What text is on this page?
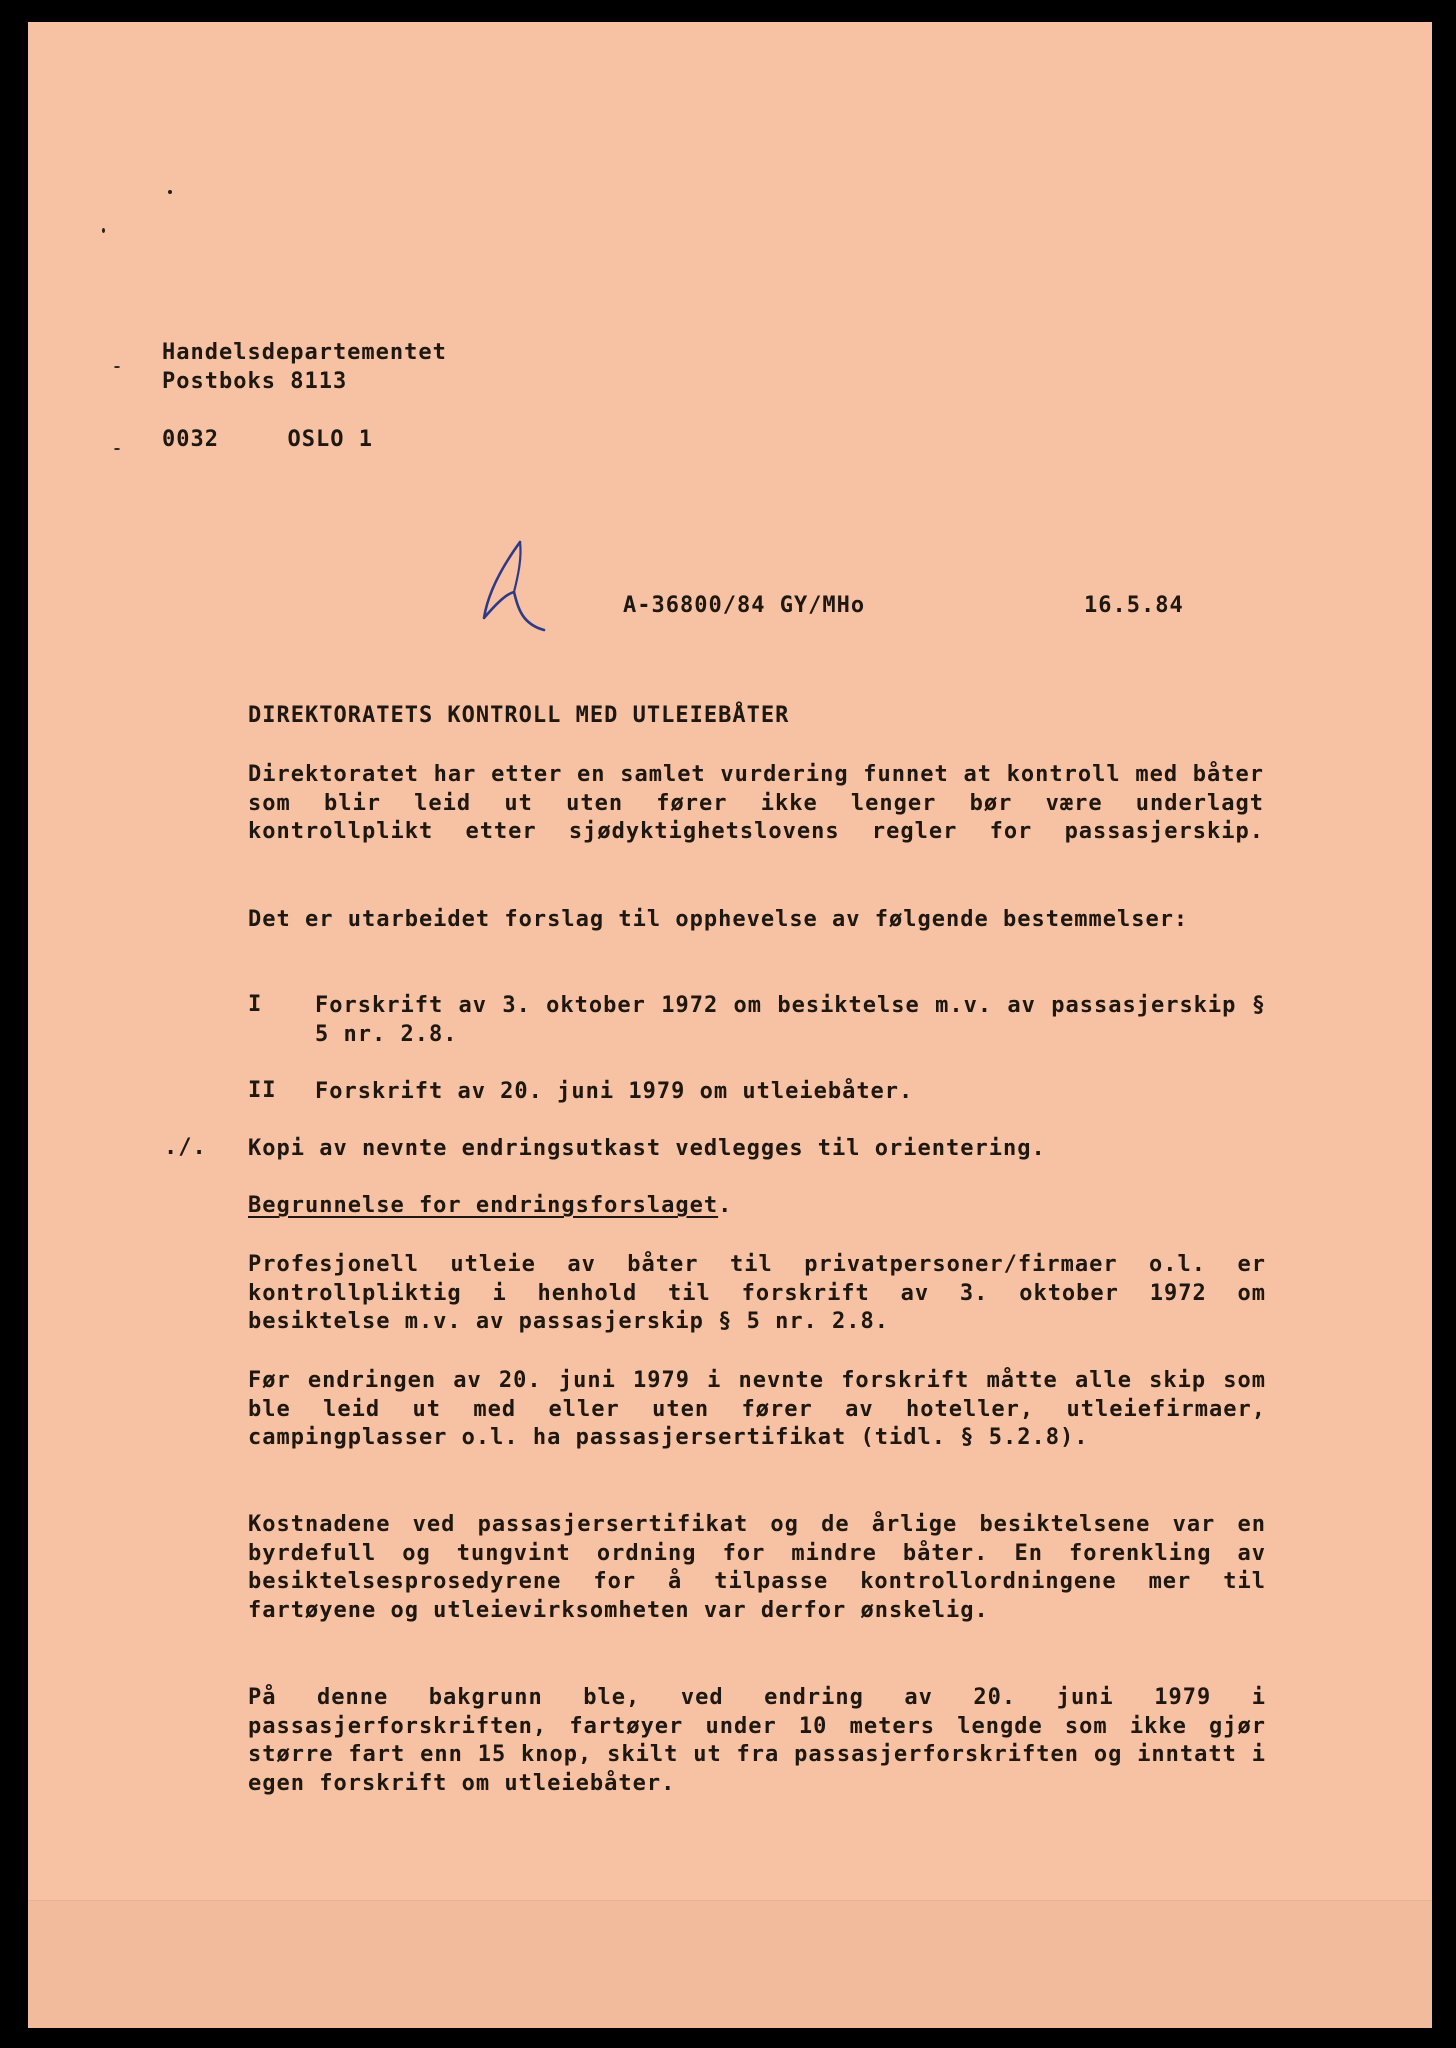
Handelsdepartementet
Postboks 8113
0032	OSLO 1
A-36800/84 GY/MHo	16.5.84
DIREKTORATETS KONTROLL MED UTLEIEBÅTER
Direktoratet har etter en samlet vurdering funnet at kontroll med båter som blir leid ut uten fører ikke lenger bør være underlagt kontrollplikt etter sjødyktighetslovens regler for passasjerskip.
Det er utarbeidet forslag til opphevelse av følgende bestemmelser:
I Forskrift av 3. oktober 1972 om besiktelse m.v. av passasjerskip § 5 nr. 2.8.
II Forskrift av 20. juni 1979 om utleiebåter.
./. Kopi av nevnte endringsutkast vedlegges til orientering.
Begrunnelse for endringsforslaget.
Profesjonell utleie av båter til privatpersoner/firmaer o.l. er kontrollpliktig i henhold til forskrift av 3. oktober 1972 om besiktelse m.v. av passasjerskip § 5 nr. 2.8.
Før endringen av 20. juni 1979 i nevnte forskrift måtte alle skip som ble leid ut med eller uten fører av hoteller, utleiefirmaer, campingplasser o.l. ha passasjersertifikat (tidl. § 5.2.8).
Kostnadene ved passasjersertifikat og de årlige besiktelsene var en byrdefull og tungvint ordning for mindre båter. En forenkling av besiktelsesprosedyrene for å tilpasse kontrollordningene mer til fartøyene og utleievirksomheten var derfor ønskelig.
På denne bakgrunn ble, ved endring av 20. juni 1979 i passasjerforskriften, fartøyer under 10 meters lengde som ikke gjør større fart enn 15 knop, skilt ut fra passasjerforskriften og inntatt i egen forskrift om utleiebåter.
